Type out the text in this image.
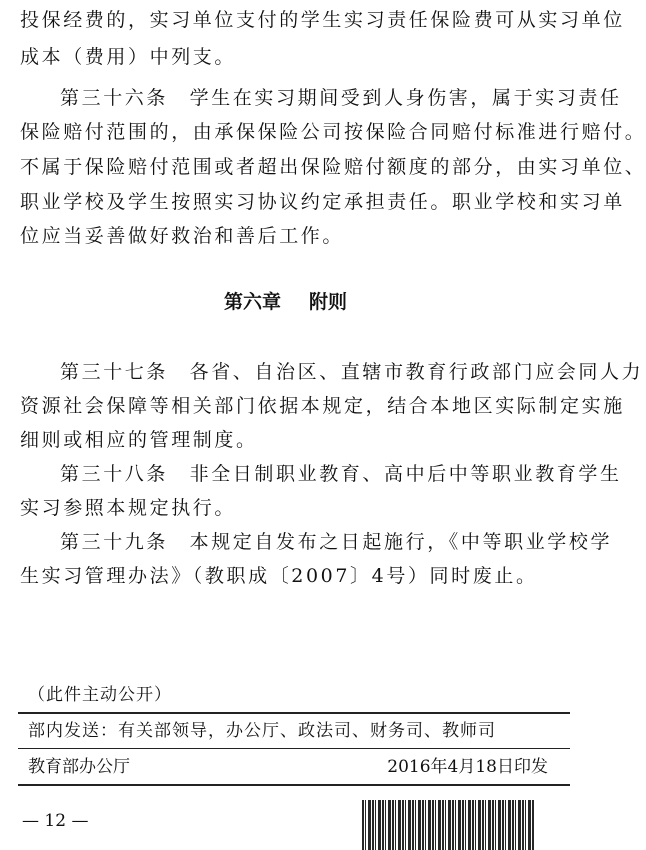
投保经费的，实习单位支付的学生实习责任保险费可从实习单位
成本（费用）中列支。
第三十六条　学生在实习期间受到人身伤害，属于实习责任
保险赔付范围的，由承保保险公司按保险合同赔付标准进行赔付。
不属于保险赔付范围或者超出保险赔付额度的部分，由实习单位、
职业学校及学生按照实习协议约定承担责任。职业学校和实习单
位应当妥善做好救治和善后工作。
第六章 附则
第三十七条　各省、自治区、直辖市教育行政部门应会同人力
资源社会保障等相关部门依据本规定，结合本地区实际制定实施
细则或相应的管理制度。
第三十八条　非全日制职业教育、高中后中等职业教育学生
实习参照本规定执行。
第三十九条　本规定自发布之日起施行，《中等职业学校学
生实习管理办法》（教职成〔2007〕4号）同时废止。
（此件主动公开）
部内发送：有关部领导，办公厅、政法司、财务司、教师司
教育部办公厅	2016年4月18日印发
— 12 —
